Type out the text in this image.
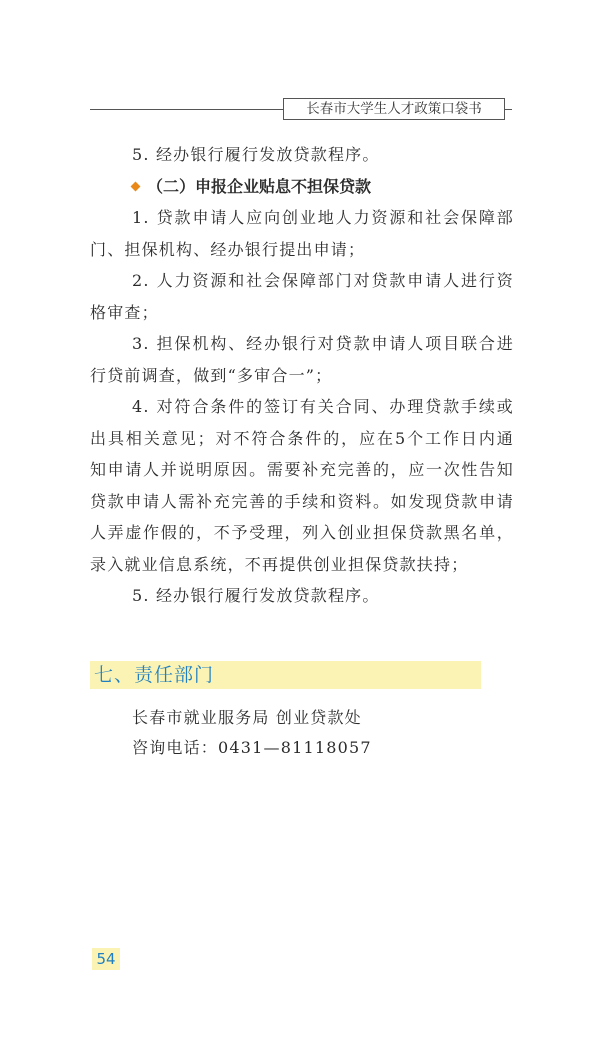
长春市大学生人才政策口袋书

5. 经办银行履行发放贷款程序。

（二）申报企业贴息不担保贷款

1. 贷款申请人应向创业地人力资源和社会保障部门、担保机构、经办银行提出申请；

2. 人力资源和社会保障部门对贷款申请人进行资格审查；

3. 担保机构、经办银行对贷款申请人项目联合进行贷前调查，做到“多审合一”；

4. 对符合条件的签订有关合同、办理贷款手续或出具相关意见；对不符合条件的，应在5个工作日内通知申请人并说明原因。需要补充完善的，应一次性告知贷款申请人需补充完善的手续和资料。如发现贷款申请人弄虚作假的，不予受理，列入创业担保贷款黑名单，录入就业信息系统，不再提供创业担保贷款扶持；

5. 经办银行履行发放贷款程序。

七、责任部门
长春市就业服务局 创业贷款处
咨询电话：0431—81118057
54
